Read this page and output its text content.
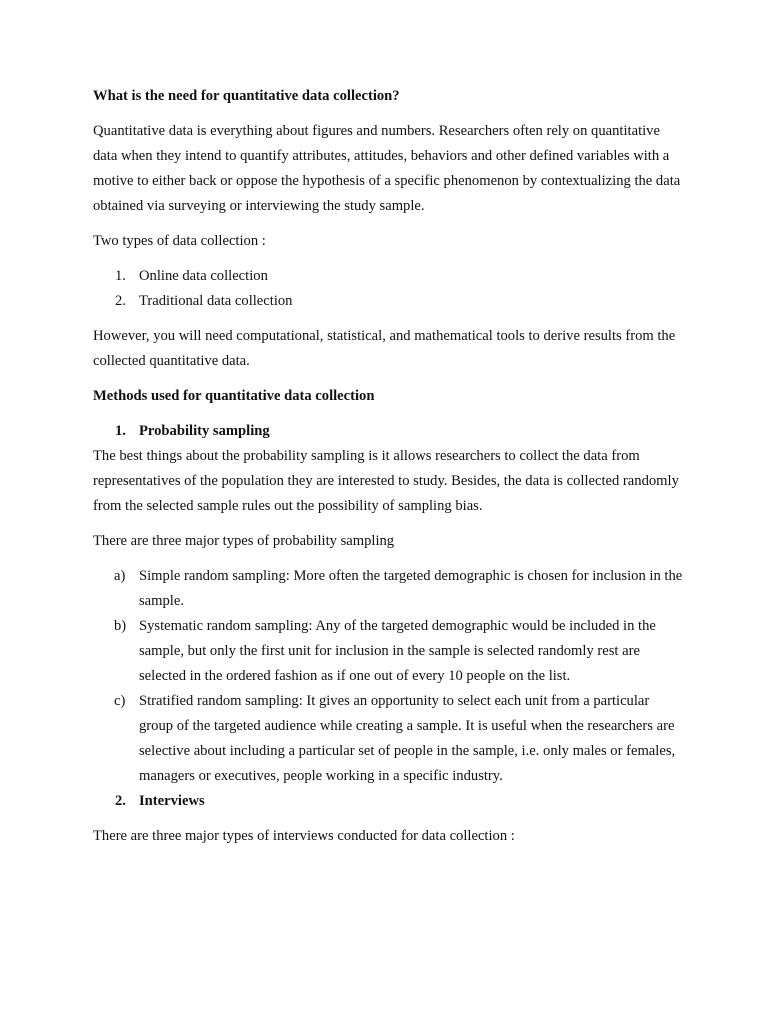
What is the need for quantitative data collection?

Quantitative data is everything about figures and numbers. Researchers often rely on quantitative data when they intend to quantify attributes, attitudes, behaviors and other defined variables with a motive to either back or oppose the hypothesis of a specific phenomenon by contextualizing the data obtained via surveying or interviewing the study sample.

Two types of data collection :

1. Online data collection
2. Traditional data collection

However, you will need computational, statistical, and mathematical tools to derive results from the collected quantitative data.

Methods used for quantitative data collection

1. Probability sampling

The best things about the probability sampling is it allows researchers to collect the data from representatives of the population they are interested to study. Besides, the data is collected randomly from the selected sample rules out the possibility of sampling bias.

There are three major types of probability sampling

a) Simple random sampling: More often the targeted demographic is chosen for inclusion in the sample.
b) Systematic random sampling: Any of the targeted demographic would be included in the sample, but only the first unit for inclusion in the sample is selected randomly rest are selected in the ordered fashion as if one out of every 10 people on the list.
c) Stratified random sampling: It gives an opportunity to select each unit from a particular group of the targeted audience while creating a sample. It is useful when the researchers are selective about including a particular set of people in the sample, i.e. only males or females, managers or executives, people working in a specific industry.
2. Interviews

There are three major types of interviews conducted for data collection :
